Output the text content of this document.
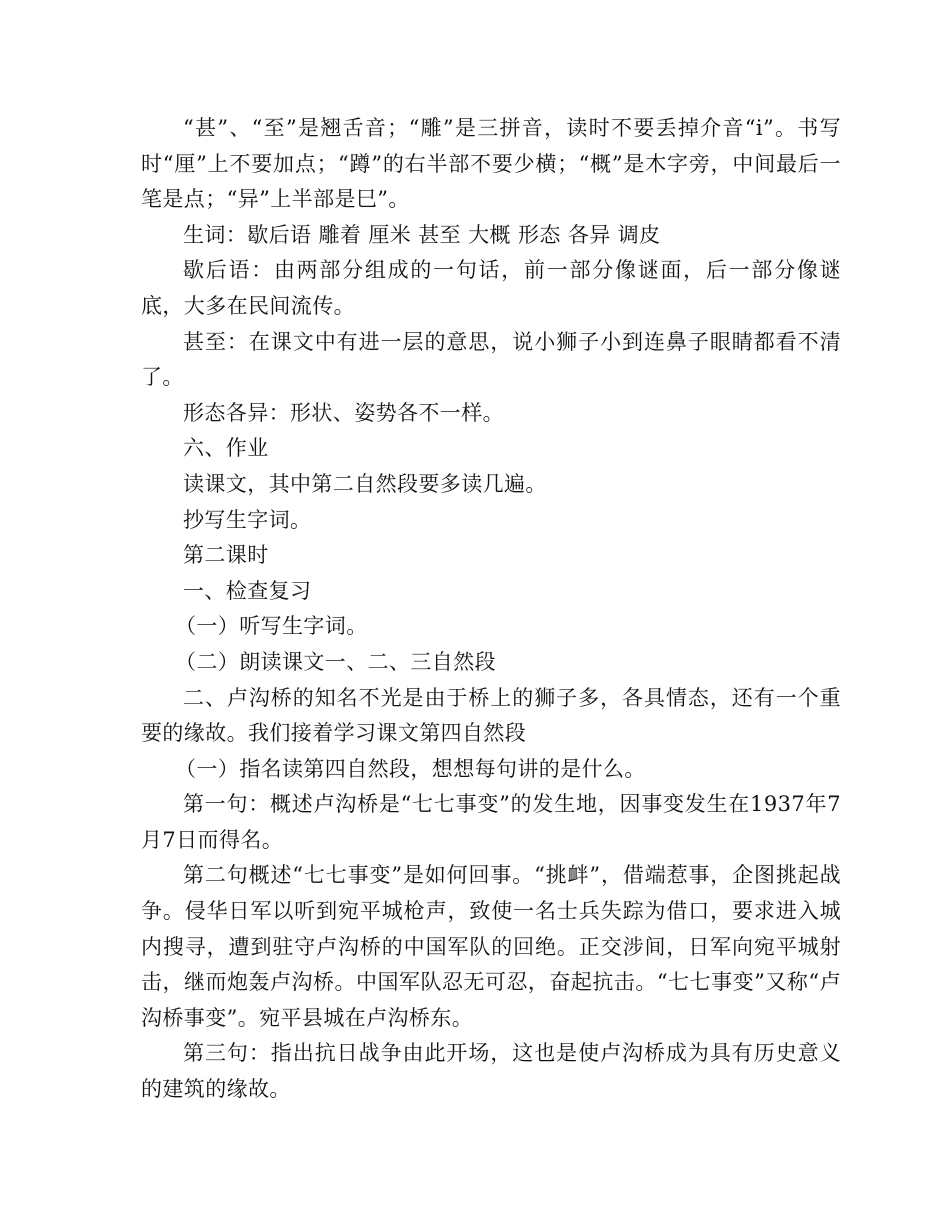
“甚”、“至”是翘舌音；“雕”是三拼音，读时不要丢掉介音“i”。书写时“厘”上不要加点；“蹲”的右半部不要少横；“概”是木字旁，中间最后一笔是点；“异”上半部是巳”。

生词：歇后语 雕着 厘米 甚至 大概 形态 各异 调皮

歇后语：由两部分组成的一句话，前一部分像谜面，后一部分像谜底，大多在民间流传。

甚至：在课文中有进一层的意思，说小狮子小到连鼻子眼睛都看不清了。

形态各异：形状、姿势各不一样。

六、作业

读课文，其中第二自然段要多读几遍。

抄写生字词。

第二课时

一、检查复习

（一）听写生字词。

（二）朗读课文一、二、三自然段

二、卢沟桥的知名不光是由于桥上的狮子多，各具情态，还有一个重要的缘故。我们接着学习课文第四自然段

（一）指名读第四自然段，想想每句讲的是什么。

第一句：概述卢沟桥是“七七事变”的发生地，因事变发生在1937年7月7日而得名。

第二句概述“七七事变”是如何回事。“挑衅”，借端惹事，企图挑起战争。侵华日军以听到宛平城枪声，致使一名士兵失踪为借口，要求进入城内搜寻，遭到驻守卢沟桥的中国军队的回绝。正交涉间，日军向宛平城射击，继而炮轰卢沟桥。中国军队忍无可忍，奋起抗击。“七七事变”又称“卢沟桥事变”。宛平县城在卢沟桥东。

第三句：指出抗日战争由此开场，这也是使卢沟桥成为具有历史意义的建筑的缘故。
